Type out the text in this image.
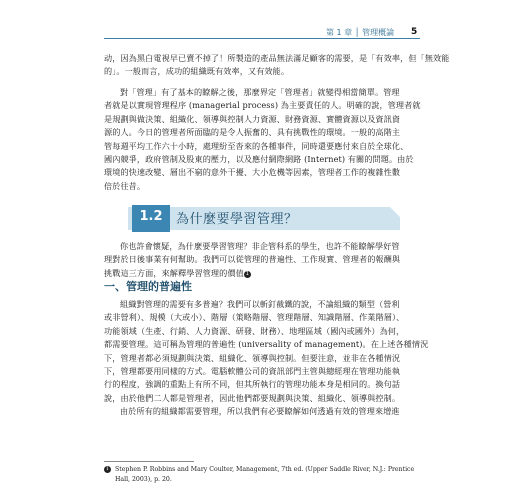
第 1 章 │ 管理概論 5

动，因為黑白電視早已賣不掉了！所製造的產品無法滿足顧客的需要，是「有效率，但「無效能

的」。一般而言，成功的組織既有效率，又有效能。

對「管理」有了基本的瞭解之後，那麼界定「管理者」就變得相當簡單。管理

者就是以實現管理程序 (managerial process) 為主要責任的人。明確的說，管理者就

是規劃與做決策、組織化、領導與控制人力資源、財務資源、實體資源以及資訊資

源的人。今日的管理者所面臨的是令人振奮的、具有挑戰性的環境。一般的高階主

管每週平均工作六十小時，處理紛至沓來的各種事件，同時還要應付來自於全球化、

國內競爭，政府管制及股東的壓力，以及應付網際網路 (Internet) 有關的問題。由於

環境的快速改變、層出不窮的意外干擾、大小危機等因素，管理者工作的複雜性數

倍於往昔。

1.2	為什麼要學習管理？

你也許會懷疑，為什麼要學習管理？非企管科系的學生，也許不能瞭解學好管

理對於日後事業有何幫助。我們可以從管理的普遍性、工作現實、管理者的報酬與

挑戰這三方面，來解釋學習管理的價值 1

一、管理的普遍性

組織對管理的需要有多普遍？我們可以斬釘截鐵的說，不論組織的類型（營利

或非營利）、規模（大或小）、階層（策略階層、管理階層、知識階層、作業階層）、

功能領域（生產、行銷、人力資源、研發、財務）、地理區域（國內或國外）為何，

都需要管理。這可稱為管理的普遍性 (universality of management)。在上述各種情況

下，管理者都必須規劃與決策、組織化、領導與控制。但要注意，並非在各種情況

下，管理都要用同樣的方式。電腦軟體公司的資訊部門主管與總經理在管理功能執

行的程度，強調的重點上有所不同，但其所執行的管理功能本身是相同的。換句話

說，由於他們二人都是管理者，因此他們都要規劃與決策、組織化、領導與控制。

由於所有的組織都需要管理，所以我們有必要瞭解如何透過有效的管理來增進

1 Stephen P. Robbins and Mary Coulter, Management, 7th ed. (Upper Saddle River, N.J.: Prentice
Hall, 2003), p. 20.
